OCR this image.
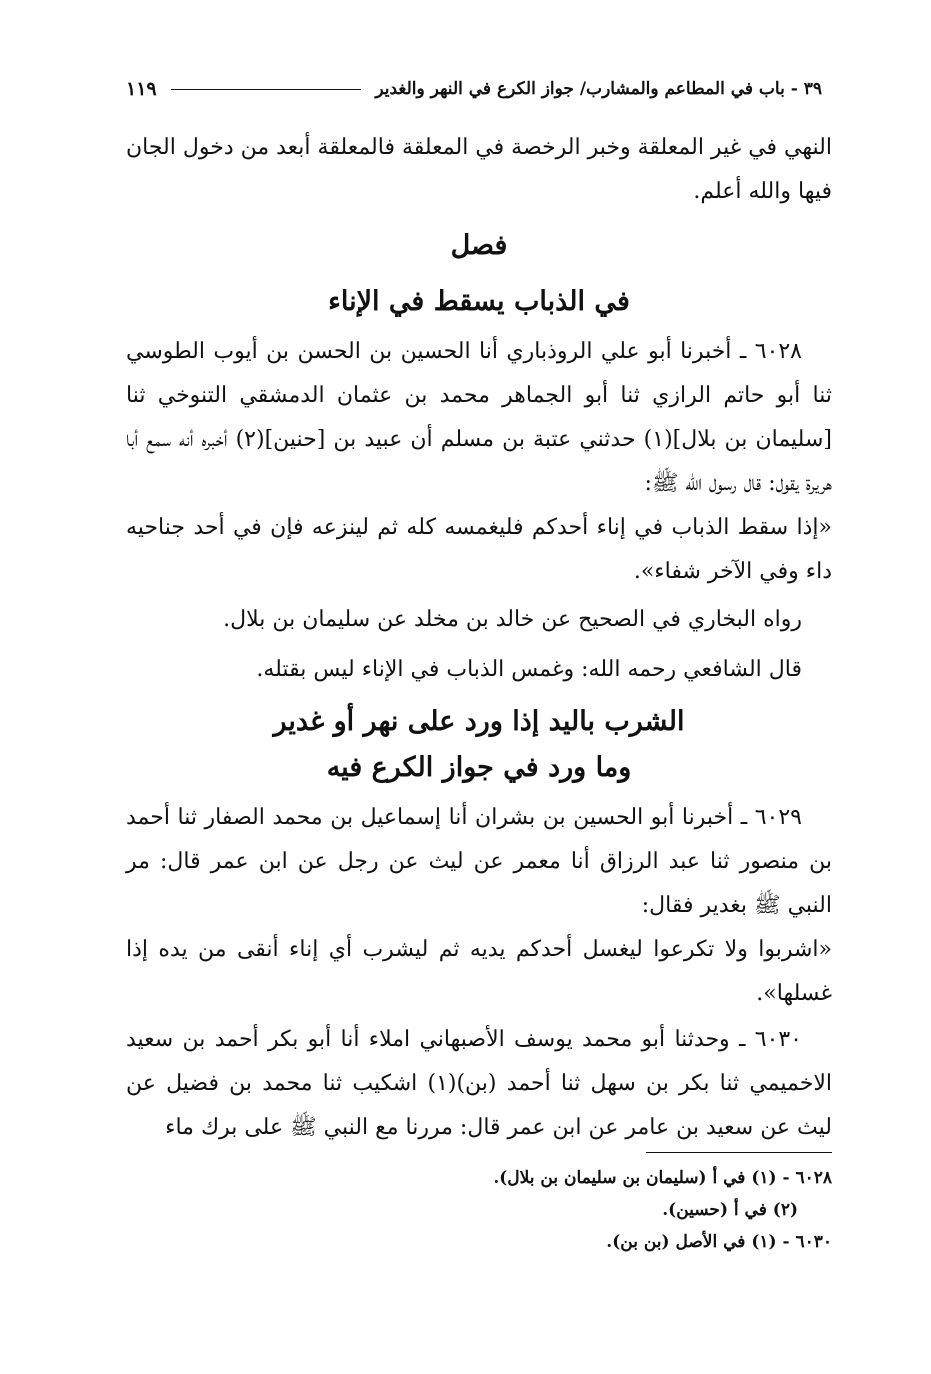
٣٩ - باب في المطاعم والمشارب/ جواز الكرع في النهر والغدير
١١٩
النهي في غير المعلقة وخبر الرخصة في المعلقة فالمعلقة أبعد من دخول الجان فيها والله أعلم.
فصل
في الذباب يسقط في الإناء
٦٠٢٨ ـ أخبرنا أبو علي الروذباري أنا الحسين بن الحسن بن أيوب الطوسي ثنا أبو حاتم الرازي ثنا أبو الجماهر محمد بن عثمان الدمشقي التنوخي ثنا [سليمان بن بلال](١) حدثني عتبة بن مسلم أن عبيد بن [حنين](٢) أخبره أنه سمع أبا هريرة يقول: قال رسول الله ﷺ:
«إذا سقط الذباب في إناء أحدكم فليغمسه كله ثم لينزعه فإن في أحد جناحيه داء وفي الآخر شفاء».
رواه البخاري في الصحيح عن خالد بن مخلد عن سليمان بن بلال.
قال الشافعي رحمه الله: وغمس الذباب في الإناء ليس بقتله.
الشرب باليد إذا ورد على نهر أو غدير
وما ورد في جواز الكرع فيه
٦٠٢٩ ـ أخبرنا أبو الحسين بن بشران أنا إسماعيل بن محمد الصفار ثنا أحمد بن منصور ثنا عبد الرزاق أنا معمر عن ليث عن رجل عن ابن عمر قال: مر النبي ﷺ بغدير فقال:
«اشربوا ولا تكرعوا ليغسل أحدكم يديه ثم ليشرب أي إناء أنقى من يده إذا غسلها».
٦٠٣٠ ـ وحدثنا أبو محمد يوسف الأصبهاني املاء أنا أبو بكر أحمد بن سعيد الاخميمي ثنا بكر بن سهل ثنا أحمد (بن)(١) اشكيب ثنا محمد بن فضيل عن ليث عن سعيد بن عامر عن ابن عمر قال: مررنا مع النبي ﷺ على برك ماء
٦٠٢٨ - (١) في أ (سليمان بن سليمان بن بلال).
(٢) في أ (حسين).
٦٠٣٠ - (١) في الأصل (بن بن).
